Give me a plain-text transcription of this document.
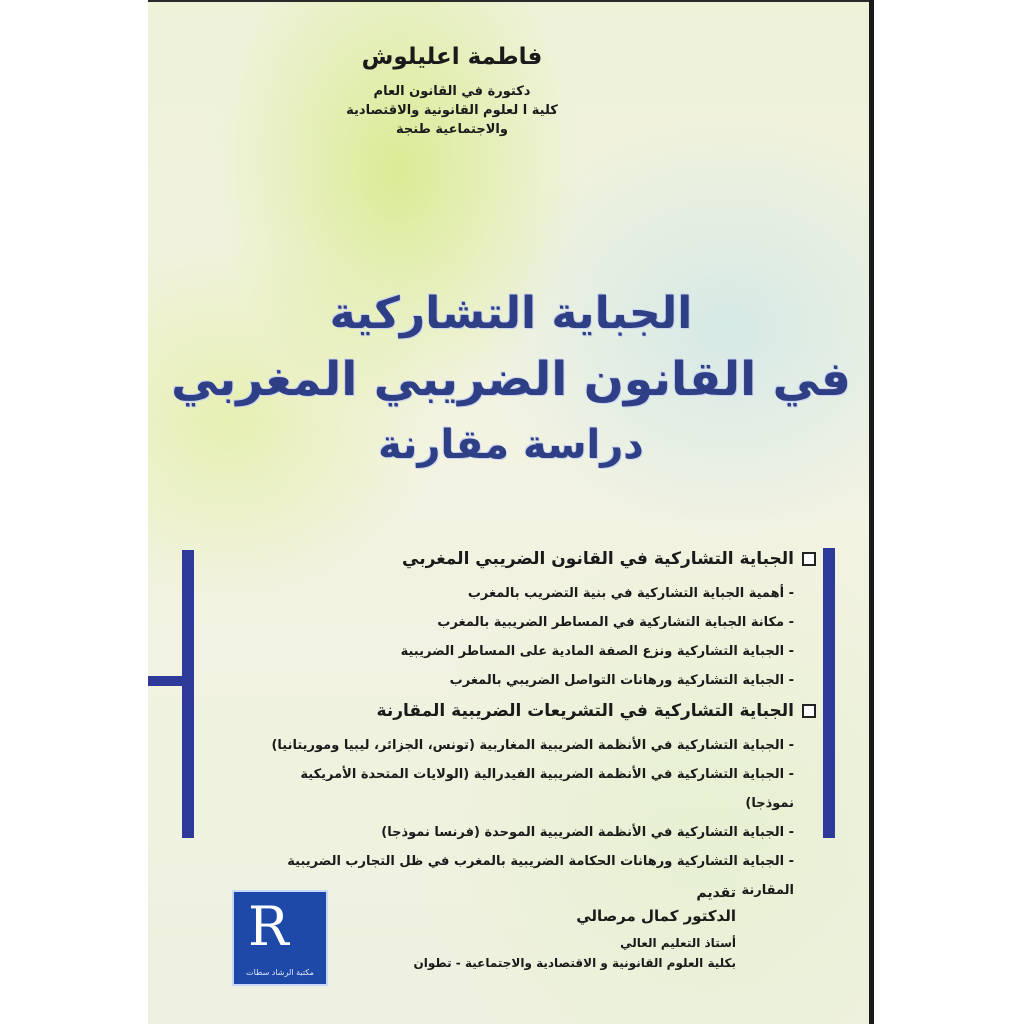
فاطمة اعليلوش
دكتورة في القانون العام
كلية ا لعلوم القانونية والاقتصادية
والاجتماعية طنجة
الجباية التشاركية
في القانون الضريبي المغربي
دراسة مقارنة
الجباية التشاركية في القانون الضريبي المغربي
- أهمية الجباية التشاركية في بنية التضريب بالمغرب
- مكانة الجباية التشاركية في المساطر الضريبية بالمغرب
- الجباية التشاركية ونزع الصفة المادية على المساطر الضريبية
- الجباية التشاركية ورهانات التواصل الضريبي بالمغرب
الجباية التشاركية في التشريعات الضريبية المقارنة
- الجباية التشاركية في الأنظمة الضريبية المغاربية (تونس، الجزائر، ليبيا وموريتانيا)
- الجباية التشاركية في الأنظمة الضريبية الفيدرالية (الولايات المتحدة الأمريكية نموذجا)
- الجباية التشاركية في الأنظمة الضريبية الموحدة (فرنسا نموذجا)
- الجباية التشاركية ورهانات الحكامة الضريبية بالمغرب في ظل التجارب الضريبية المقارنة
R
مكتبة الرشاد سطات
تقديم
الدكتور كمال مرصالي
أستاذ التعليم العالي
بكلية العلوم القانونية و الاقتصادية والاجتماعية - تطوان
